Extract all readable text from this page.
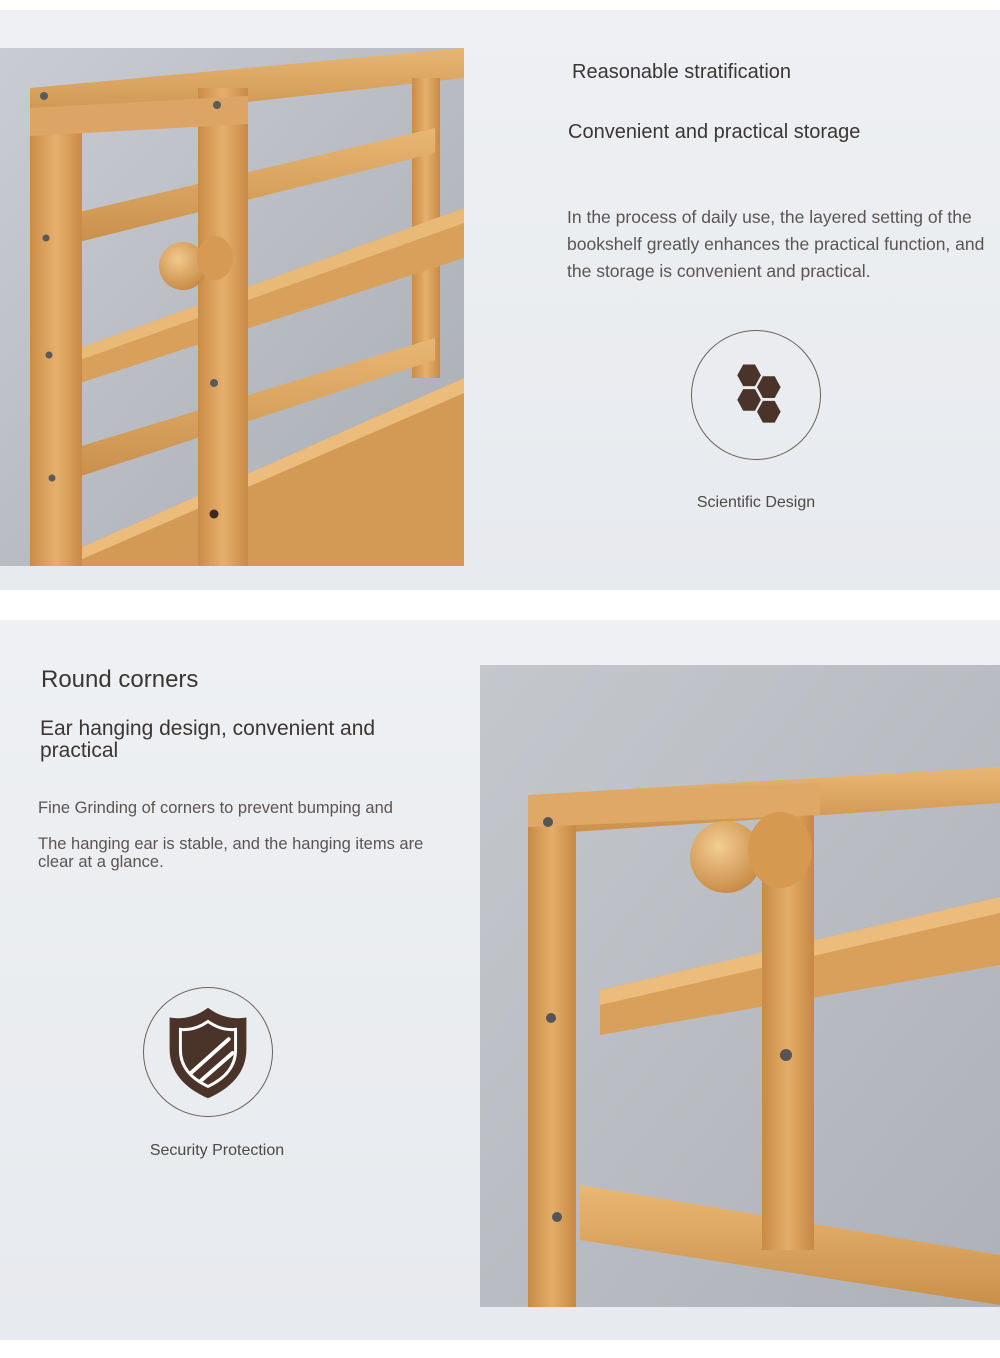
Reasonable stratification
Convenient and practical storage

In the process of daily use, the layered setting of the bookshelf greatly enhances the practical function, and the storage is convenient and practical.

Scientific Design

Round corners
Ear hanging design, convenient and practical

Fine Grinding of corners to prevent bumping and

The hanging ear is stable, and the hanging items are clear at a glance.

Security Protection
